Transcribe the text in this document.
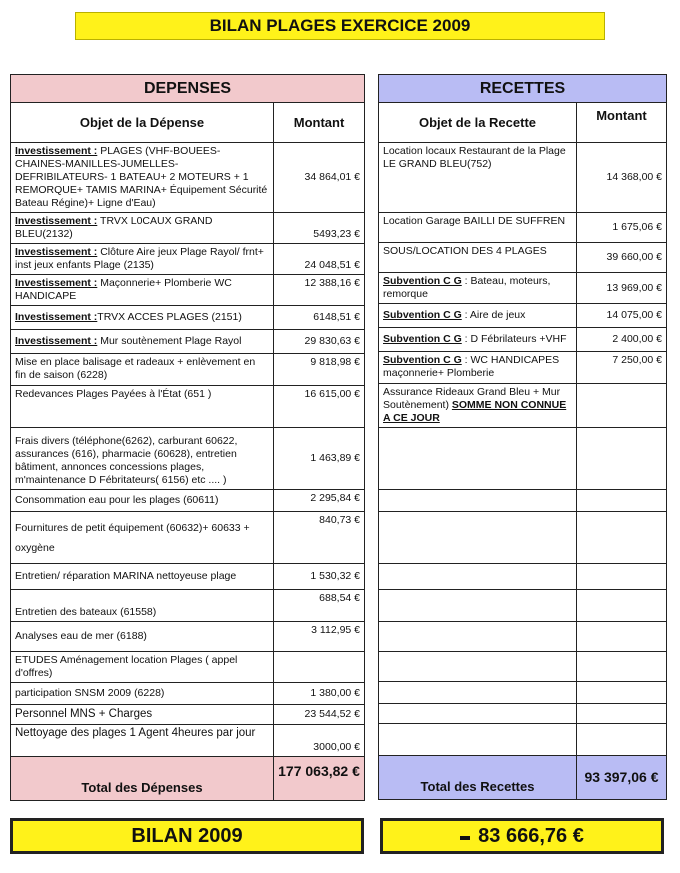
BILAN PLAGES EXERCICE 2009
DEPENSES	
Objet de la Dépense	Montant
Investissement : PLAGES (VHF-BOUEES-CHAINES-MANILLES-JUMELLES-DEFRIBILATEURS- 1 BATEAU+ 2 MOTEURS + 1 REMORQUE+ TAMIS MARINA+ Équipement Sécurité Bateau Régine)+ Ligne d'Eau)	34 864,01 €
Investissement : TRVX L0CAUX GRAND BLEU(2132)	5493,23 €
Investissement : Clôture Aire jeux Plage Rayol/ frnt+ inst jeux enfants Plage (2135)	24 048,51 €
Investissement : Maçonnerie+ Plomberie WC HANDICAPE	12 388,16 €
Investissement :TRVX ACCES PLAGES (2151)	6148,51 €
Investissement : Mur soutènement Plage Rayol	29 830,63 €
Mise en place balisage et radeaux + enlèvement en fin de saison (6228)	9 818,98 €
Redevances Plages Payées à l'État (651 )	16 615,00 €
Frais divers (téléphone(6262), carburant 60622, assurances (616), pharmacie (60628), entretien bâtiment, annonces concessions plages, m'maintenance D Fébritateurs( 6156) etc .... )	1 463,89 €
Consommation eau pour les plages (60611)	2 295,84 €
Fournitures de petit équipement (60632)+ 60633 + oxygène	840,73 €
Entretien/ réparation MARINA nettoyeuse plage	1 530,32 €
Entretien des bateaux (61558)	688,54 €
Analyses eau de mer (6188)	3 112,95 €
ETUDES Aménagement location Plages ( appel d'offres)	
participation SNSM 2009 (6228)	1 380,00 €
Personnel MNS + Charges	23 544,52 €
Nettoyage des plages 1 Agent 4heures par jour	3000,00 €
Total des Dépenses	177 063,82 €
RECETTES	
Objet de la Recette	Montant
Location locaux Restaurant de la Plage LE GRAND BLEU(752)	14 368,00 €
Location Garage BAILLI DE SUFFREN	1 675,06 €
SOUS/LOCATION DES 4 PLAGES	39 660,00 €
Subvention C G : Bateau, moteurs, remorque	13 969,00 €
Subvention C G : Aire de jeux	14 075,00 €
Subvention C G : D Fébrilateurs +VHF	2 400,00 €
Subvention C G : WC HANDICAPES maçonnerie+ Plomberie	7 250,00 €
Assurance Rideaux Grand Bleu + Mur Soutènement) SOMME NON CONNUE A CE JOUR	

Total des Recettes	93 397,06 €
BILAN 2009	83 666,76 €
